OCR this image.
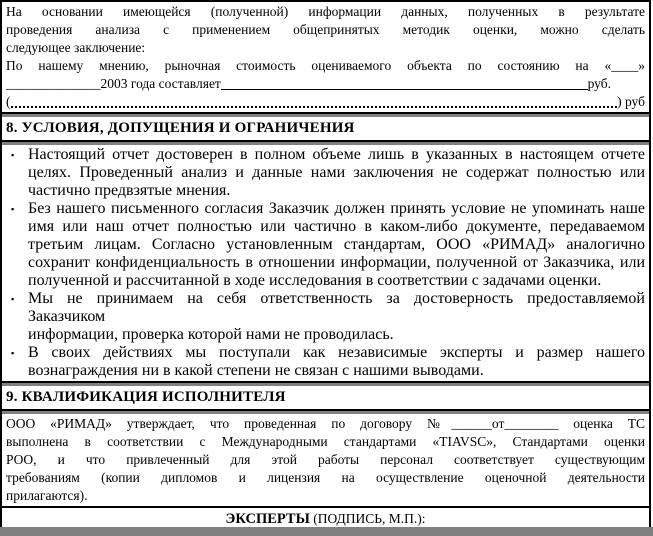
На основании имеющейся (полученной) информации данных, полученных в результате
проведения анализа с применением общепринятых методик оценки, можно сделать
следующее заключение:
По нашему мнению, рыночная стоимость оцениваемого объекта по состоянию на «____»
______________2003 года составляет	руб.
(	) руб
8. УСЛОВИЯ, ДОПУЩЕНИЯ И ОГРАНИЧЕНИЯ
▪ Настоящий отчет достоверен в полном объеме лишь в указанных в настоящем отчете
целях. Проведенный анализ и данные нами заключения не содержат полностью или
частично предвзятые мнения.
▪ Без нашего письменного согласия Заказчик должен принять условие не упоминать наше
имя или наш отчет полностью или частично в каком-либо документе, передаваемом
третьим лицам. Согласно установленным стандартам, ООО «РИМАД» аналогично
сохранит конфиденциальность в отношении информации, полученной от Заказчика, или
полученной и рассчитанной в ходе исследования в соответствии с задачами оценки.
▪ Мы не принимаем на себя ответственность за достоверность предоставляемой Заказчиком
информации, проверка которой нами не проводилась.
▪ В своих действиях мы поступали как независимые эксперты и размер нашего
вознаграждения ни в какой степени не связан с нашими выводами.
9. КВАЛИФИКАЦИЯ ИСПОЛНИТЕЛЯ
ООО «РИМАД» утверждает, что проведенная по договору №______от________ оценка ТС
выполнена в соответствии с Международными стандартами «TIAVSC», Стандартами оценки
РОО, и что привлеченный для этой работы персонал соответствует существующим
требованиям (копии дипломов и лицензия на осуществление оценочной деятельности
прилагаются).
ЭКСПЕРТЫ (ПОДПИСЬ, М.П.):
